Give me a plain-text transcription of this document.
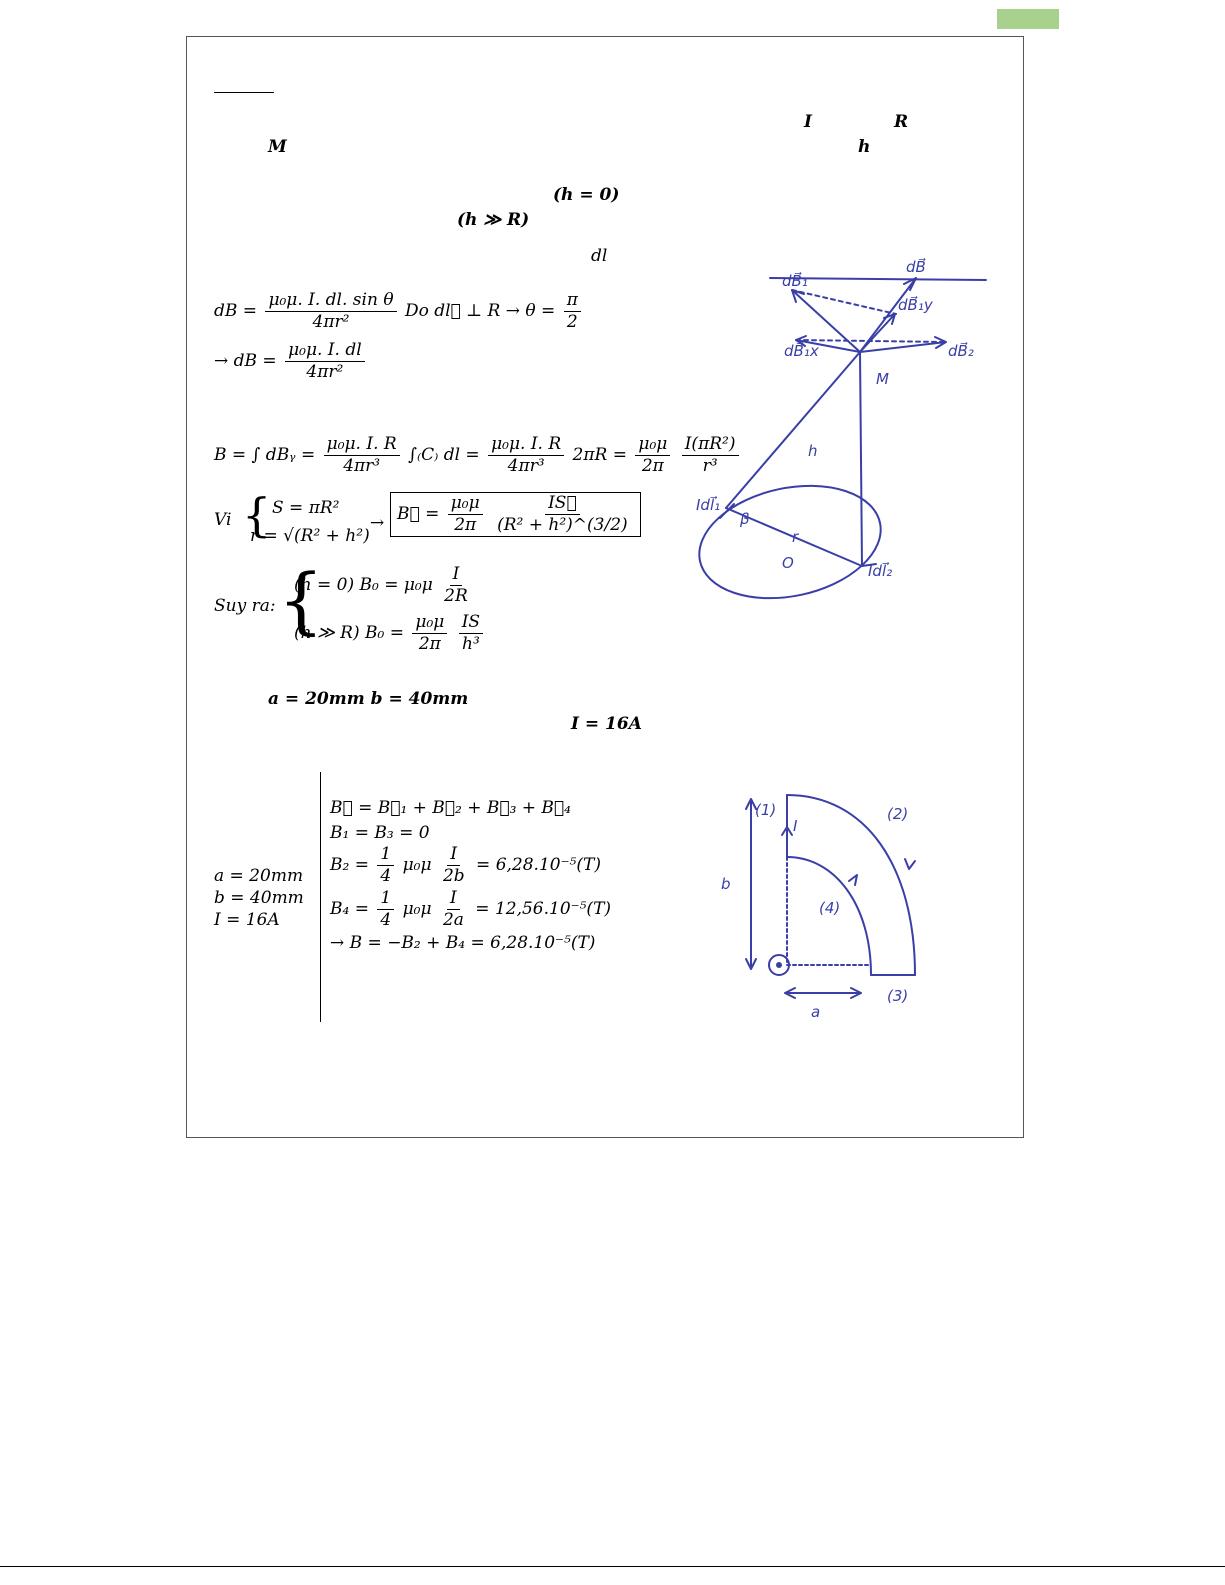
I	R
M	h
(h = 0)
(h ≫ R)
dl
dB = $\frac{\text{μ₀μ. I. dl. sin θ}}{\text{4πr²}}$ Do dl⃗ ⊥ $R \to \theta = \frac{\pi}{2}$
→ dB = $\frac{\text{μ₀μ. I. dl}}{\text{4πr²}}$
B = ∫ dBᵧ = $\frac{\text{μ₀μ. I. R}}{\text{4πr³}} \int_(C_)$ dl = $\frac{\text{μ₀μ. I. R}}{\text{4πr³}} 2\pi R = \frac{\text{μ₀μ}}{2\pi}$
$\frac{\text{I(πR²)}}{\text{r³}}$
Vi { S = πR²
r = √(R² + h²)
→ B⃗ = $\frac{\text{μ₀μ}}{2\pi}$
$\frac{IS⃗}{\text{(R² + h²)\textasciicircum{}(3/2)}}$
Suy ra: {
(h = 0) $B_0 = \mu_0\mu \frac{I}{2R}$
(h ≫ R) $B_0 = \frac{\text{μ₀μ}}{2\pi}$
$\frac{IS}{\text{h³}}$
dB⃗
dB⃗₁
dB⃗₁y
dB⃗₂
dB⃗₁x
M
h
Idl⃗₁
β
O
r
Idl⃗₂
a = 20mm b = 40mm
I = 16A
a = 20mm
b = 40mm
I = 16A
B⃗ = B⃗₁ + B⃗₂ + B⃗₃ + B⃗₄
B₁ = B₃ = 0
$B_2 = \frac{1}{4} \mu_0\mu \frac{I}{2b} = 6,28.10^{-5}(T)$
$B_4 = \frac{1}{4} \mu_0\mu \frac{I}{2a} = 12,56.10^{-5}(T)$
→ B = −B₂ + B₄ = 6,28.10⁻⁵(T)
(1)
I
(2)
(4)
b
(3)
a
